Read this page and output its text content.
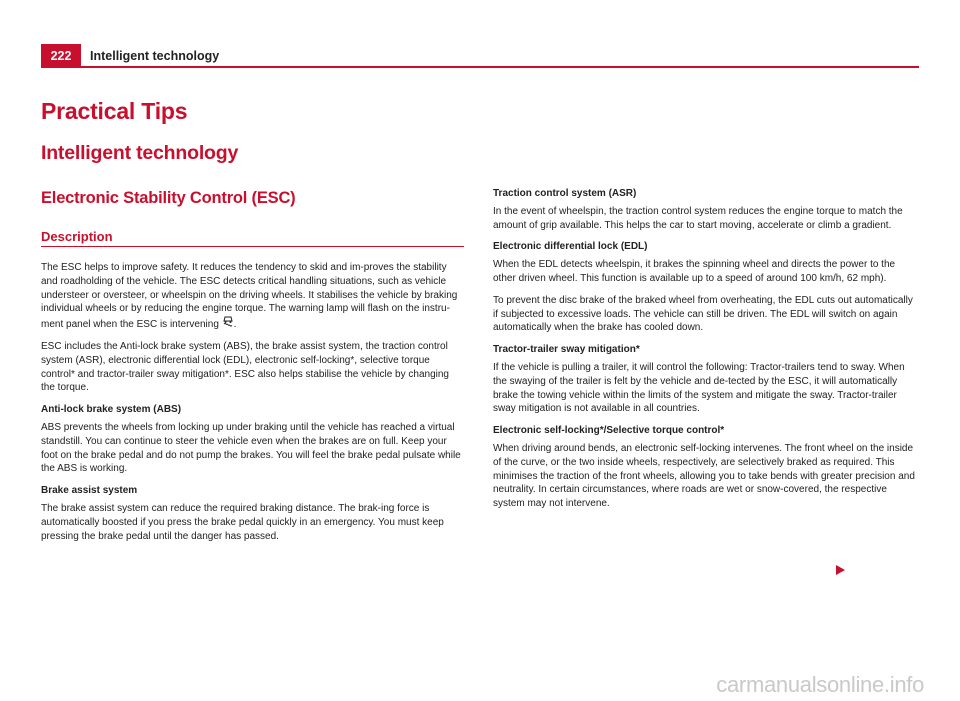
222	Intelligent technology
Practical Tips
Intelligent technology
Electronic Stability Control (ESC)
Description

The ESC helps to improve safety. It reduces the tendency to skid and im-proves the stability and roadholding of the vehicle. The ESC detects critical handling situations, such as vehicle understeer or oversteer, or wheelspin on the driving wheels. It stabilises the vehicle by braking individual wheels or by reducing the engine torque. The warning lamp will flash on the instru-ment panel when the ESC is intervening .

ESC includes the Anti-lock brake system (ABS), the brake assist system, the traction control system (ASR), electronic differential lock (EDL), electronic self-locking*, selective torque control* and tractor-trailer sway mitigation*. ESC also helps stabilise the vehicle by changing the torque.

Anti-lock brake system (ABS)

ABS prevents the wheels from locking up under braking until the vehicle has reached a virtual standstill. You can continue to steer the vehicle even when the brakes are on full. Keep your foot on the brake pedal and do not pump the brakes. You will feel the brake pedal pulsate while the ABS is working.

Brake assist system

The brake assist system can reduce the required braking distance. The brak-ing force is automatically boosted if you press the brake pedal quickly in an emergency. You must keep pressing the brake pedal until the danger has passed.

Traction control system (ASR)

In the event of wheelspin, the traction control system reduces the engine torque to match the amount of grip available. This helps the car to start moving, accelerate or climb a gradient.

Electronic differential lock (EDL)

When the EDL detects wheelspin, it brakes the spinning wheel and directs the power to the other driven wheel. This function is available up to a speed of around 100 km/h, 62 mph).

To prevent the disc brake of the braked wheel from overheating, the EDL cuts out automatically if subjected to excessive loads. The vehicle can still be driven. The EDL will switch on again automatically when the brake has cooled down.

Tractor-trailer sway mitigation*

If the vehicle is pulling a trailer, it will control the following: Tractor-trailers tend to sway. When the swaying of the trailer is felt by the vehicle and de-tected by the ESC, it will automatically brake the towing vehicle within the limits of the system and mitigate the sway. Tractor-trailer sway mitigation is not available in all countries.

Electronic self-locking*/Selective torque control*

When driving around bends, an electronic self-locking intervenes. The front wheel on the inside of the curve, or the two inside wheels, respectively, are selectively braked as required. This minimises the traction of the front wheels, allowing you to take bends with greater precision and neutrality. In certain circumstances, where roads are wet or snow-covered, the respective system may not intervene.

carmanualsonline.info
